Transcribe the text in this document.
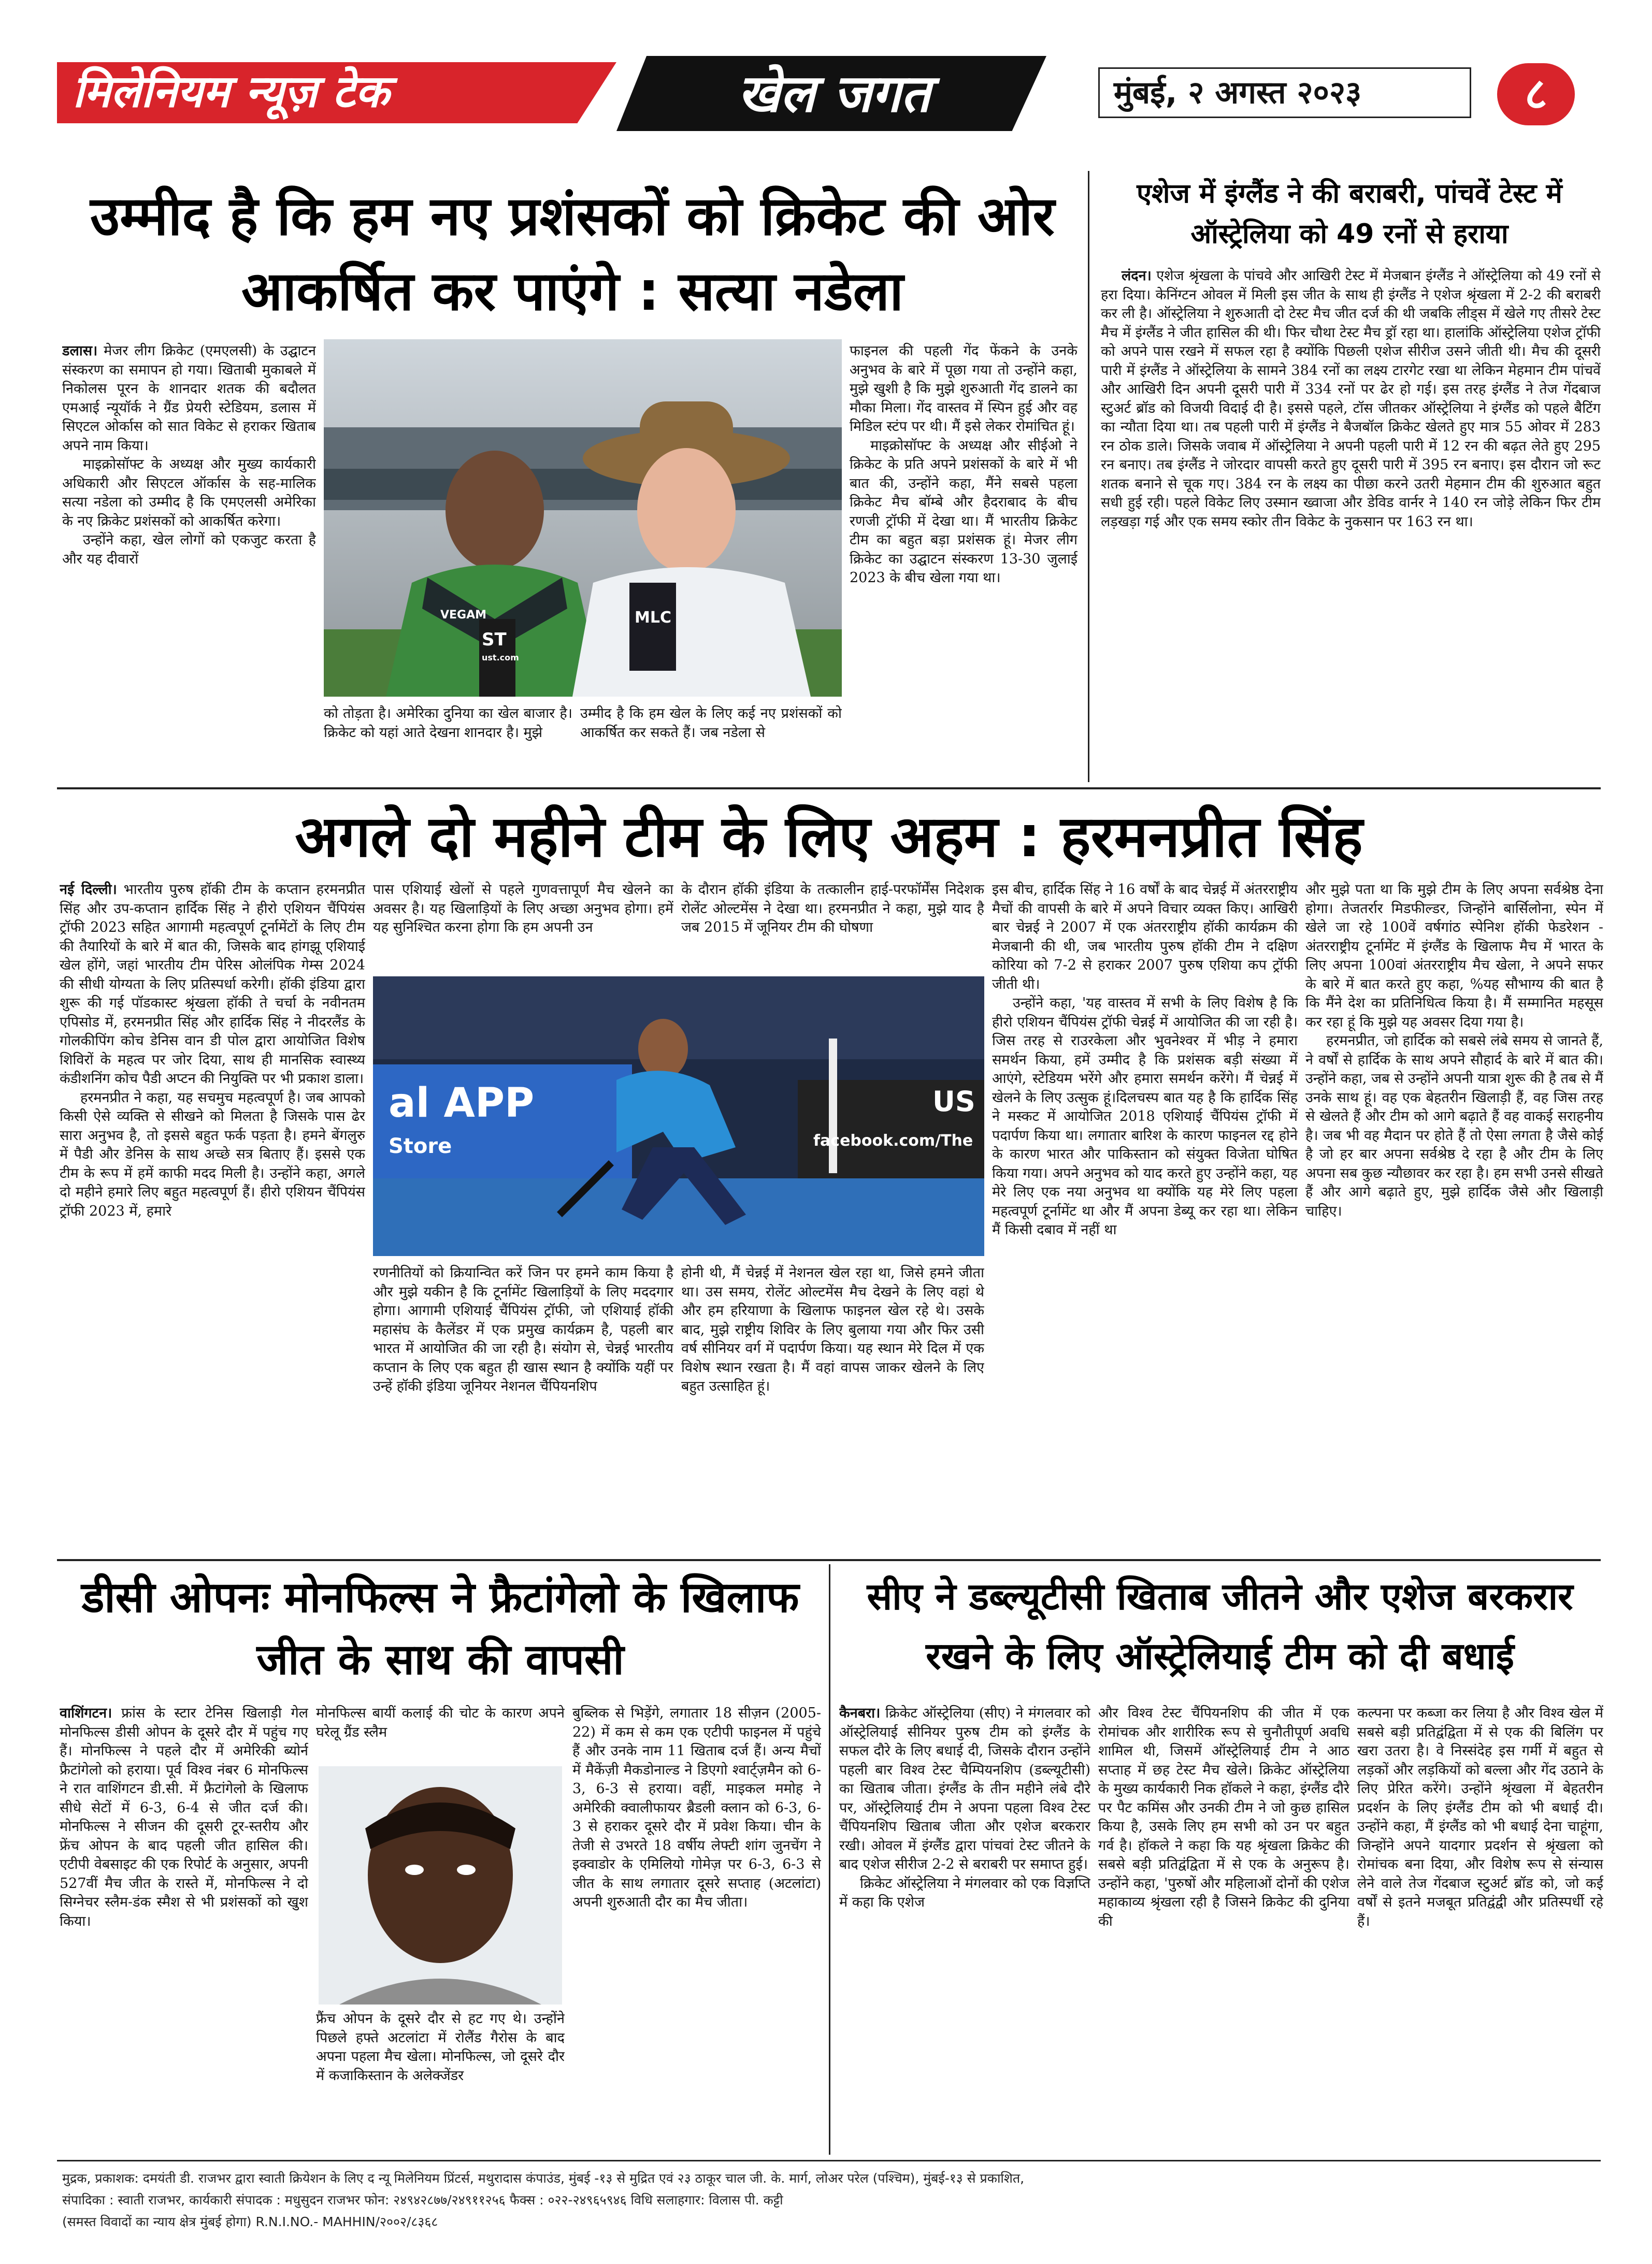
मिलेनियम न्यूज़ टेक	खेल जगत	मुंबई, २ अगस्त २०२३	८
उम्मीद है कि हम नए प्रशंसकों को क्रिकेट की ओर आकर्षित कर पाएंगे : सत्या नडेला

डलास। मेजर लीग क्रिकेट (एमएलसी) के उद्घाटन संस्करण का समापन हो गया। खिताबी मुकाबले में निकोलस पूरन के शानदार शतक की बदौलत एमआई न्यूयॉर्क ने ग्रैंड प्रेयरी स्टेडियम, डलास में सिएटल ओर्कास को सात विकेट से हराकर खिताब अपने नाम किया।

माइक्रोसॉफ्ट के अध्यक्ष और मुख्य कार्यकारी अधिकारी और सिएटल ऑर्कास के सह-मालिक सत्या नडेला को उम्मीद है कि एमएलसी अमेरिका के नए क्रिकेट प्रशंसकों को आकर्षित करेगा।

उन्होंने कहा, खेल लोगों को एकजुट करता है और यह दीवारों

VEGAM
ST
ust.com
MLC

को तोड़ता है। अमेरिका दुनिया का खेल बाजार है। क्रिकेट को यहां आते देखना शानदार है। मुझे

उम्मीद है कि हम खेल के लिए कई नए प्रशंसकों को आकर्षित कर सकते हैं। जब नडेला से

फाइनल की पहली गेंद फेंकने के उनके अनुभव के बारे में पूछा गया तो उन्होंने कहा, मुझे खुशी है कि मुझे शुरुआती गेंद डालने का मौका मिला। गेंद वास्तव में स्पिन हुई और वह मिडिल स्टंप पर थी। मैं इसे लेकर रोमांचित हूं।

माइक्रोसॉफ्ट के अध्यक्ष और सीईओ ने क्रिकेट के प्रति अपने प्रशंसकों के बारे में भी बात की, उन्होंने कहा, मैंने सबसे पहला क्रिकेट मैच बॉम्बे और हैदराबाद के बीच रणजी ट्रॉफी में देखा था। मैं भारतीय क्रिकेट टीम का बहुत बड़ा प्रशंसक हूं। मेजर लीग क्रिकेट का उद्घाटन संस्करण 13-30 जुलाई 2023 के बीच खेला गया था।

एशेज में इंग्लैंड ने की बराबरी, पांचवें टेस्ट में ऑस्ट्रेलिया को 49 रनों से हराया

लंदन। एशेज श्रृंखला के पांचवे और आखिरी टेस्ट में मेजबान इंग्लैंड ने ऑस्ट्रेलिया को 49 रनों से हरा दिया। केनिंग्टन ओवल में मिली इस जीत के साथ ही इंग्लैंड ने एशेज श्रृंखला में 2-2 की बराबरी कर ली है। ऑस्ट्रेलिया ने शुरुआती दो टेस्ट मैच जीत दर्ज की थी जबकि लीड्स में खेले गए तीसरे टेस्ट मैच में इंग्लैंड ने जीत हासिल की थी। फिर चौथा टेस्ट मैच ड्रॉ रहा था। हालांकि ऑस्ट्रेलिया एशेज ट्रॉफी को अपने पास रखने में सफल रहा है क्योंकि पिछली एशेज सीरीज उसने जीती थी। मैच की दूसरी पारी में इंग्लैंड ने ऑस्ट्रेलिया के सामने 384 रनों का लक्ष्य टारगेट रखा था लेकिन मेहमान टीम पांचवें और आखिरी दिन अपनी दूसरी पारी में 334 रनों पर ढेर हो गई। इस तरह इंग्लैंड ने तेज गेंदबाज स्टुअर्ट ब्रॉड को विजयी विदाई दी है। इससे पहले, टॉस जीतकर ऑस्ट्रेलिया ने इंग्लैंड को पहले बैटिंग का न्यौता दिया था। तब पहली पारी में इंग्लैंड ने बैजबॉल क्रिकेट खेलते हुए मात्र 55 ओवर में 283 रन ठोक डाले। जिसके जवाब में ऑस्ट्रेलिया ने अपनी पहली पारी में 12 रन की बढ़त लेते हुए 295 रन बनाए। तब इंग्लैंड ने जोरदार वापसी करते हुए दूसरी पारी में 395 रन बनाए। इस दौरान जो रूट शतक बनाने से चूक गए। 384 रन के लक्ष्य का पीछा करने उतरी मेहमान टीम की शुरुआत बहुत सधी हुई रही। पहले विकेट लिए उस्मान ख्वाजा और डेविड वार्नर ने 140 रन जोड़े लेकिन फिर टीम लड़खड़ा गई और एक समय स्कोर तीन विकेट के नुकसान पर 163 रन था।

अगले दो महीने टीम के लिए अहम : हरमनप्रीत सिंह

नई दिल्ली। भारतीय पुरुष हॉकी टीम के कप्तान हरमनप्रीत सिंह और उप-कप्तान हार्दिक सिंह ने हीरो एशियन चैंपियंस ट्रॉफी 2023 सहित आगामी महत्वपूर्ण टूर्नामेंटों के लिए टीम की तैयारियों के बारे में बात की, जिसके बाद हांगझू एशियाई खेल होंगे, जहां भारतीय टीम पेरिस ओलंपिक गेम्स 2024 की सीधी योग्यता के लिए प्रतिस्पर्धा करेगी। हॉकी इंडिया द्वारा शुरू की गई पॉडकास्ट श्रृंखला हॉकी ते चर्चा के नवीनतम एपिसोड में, हरमनप्रीत सिंह और हार्दिक सिंह ने नीदरलैंड के गोलकीपिंग कोच डेनिस वान डी पोल द्वारा आयोजित विशेष शिविरों के महत्व पर जोर दिया, साथ ही मानसिक स्वास्थ्य कंडीशनिंग कोच पैडी अप्टन की नियुक्ति पर भी प्रकाश डाला।

हरमनप्रीत ने कहा, यह सचमुच महत्वपूर्ण है। जब आपको किसी ऐसे व्यक्ति से सीखने को मिलता है जिसके पास ढेर सारा अनुभव है, तो इससे बहुत फर्क पड़ता है। हमने बेंगलुरु में पैडी और डेनिस के साथ अच्छे सत्र बिताए हैं। इससे एक टीम के रूप में हमें काफी मदद मिली है। उन्होंने कहा, अगले दो महीने हमारे लिए बहुत महत्वपूर्ण हैं। हीरो एशियन चैंपियंस ट्रॉफी 2023 में, हमारे

पास एशियाई खेलों से पहले गुणवत्तापूर्ण मैच खेलने का अवसर है। यह खिलाड़ियों के लिए अच्छा अनुभव होगा। हमें यह सुनिश्चित करना होगा कि हम अपनी उन

के दौरान हॉकी इंडिया के तत्कालीन हाई-परफॉर्मेंस निदेशक रोलेंट ओल्टमेंस ने देखा था। हरमनप्रीत ने कहा, मुझे याद है जब 2015 में जूनियर टीम की घोषणा

al APP
Store
US
facebook.com/The

रणनीतियों को क्रियान्वित करें जिन पर हमने काम किया है और मुझे यकीन है कि टूर्नामेंट खिलाड़ियों के लिए मददगार होगा। आगामी एशियाई चैंपियंस ट्रॉफी, जो एशियाई हॉकी महासंघ के कैलेंडर में एक प्रमुख कार्यक्रम है, पहली बार भारत में आयोजित की जा रही है। संयोग से, चेन्नई भारतीय कप्तान के लिए एक बहुत ही खास स्थान है क्योंकि यहीं पर उन्हें हॉकी इंडिया जूनियर नेशनल चैंपियनशिप

होनी थी, मैं चेन्नई में नेशनल खेल रहा था, जिसे हमने जीता था। उस समय, रोलेंट ओल्टमेंस मैच देखने के लिए वहां थे और हम हरियाणा के खिलाफ फाइनल खेल रहे थे। उसके बाद, मुझे राष्ट्रीय शिविर के लिए बुलाया गया और फिर उसी वर्ष सीनियर वर्ग में पदार्पण किया। यह स्थान मेरे दिल में एक विशेष स्थान रखता है। मैं वहां वापस जाकर खेलने के लिए बहुत उत्साहित हूं।

इस बीच, हार्दिक सिंह ने 16 वर्षों के बाद चेन्नई में अंतरराष्ट्रीय मैचों की वापसी के बारे में अपने विचार व्यक्त किए। आखिरी बार चेन्नई ने 2007 में एक अंतरराष्ट्रीय हॉकी कार्यक्रम की मेजबानी की थी, जब भारतीय पुरुष हॉकी टीम ने दक्षिण कोरिया को 7-2 से हराकर 2007 पुरुष एशिया कप ट्रॉफी जीती थी।

उन्होंने कहा, 'यह वास्तव में सभी के लिए विशेष है कि हीरो एशियन चैंपियंस ट्रॉफी चेन्नई में आयोजित की जा रही है। जिस तरह से राउरकेला और भुवनेश्वर में भीड़ ने हमारा समर्थन किया, हमें उम्मीद है कि प्रशंसक बड़ी संख्या में आएंगे, स्टेडियम भरेंगे और हमारा समर्थन करेंगे। मैं चेन्नई में खेलने के लिए उत्सुक हूं।दिलचस्प बात यह है कि हार्दिक सिंह ने मस्कट में आयोजित 2018 एशियाई चैंपियंस ट्रॉफी में पदार्पण किया था। लगातार बारिश के कारण फाइनल रद्द होने के कारण भारत और पाकिस्तान को संयुक्त विजेता घोषित किया गया। अपने अनुभव को याद करते हुए उन्होंने कहा, यह मेरे लिए एक नया अनुभव था क्योंकि यह मेरे लिए पहला महत्वपूर्ण टूर्नामेंट था और मैं अपना डेब्यू कर रहा था। लेकिन मैं किसी दबाव में नहीं था

और मुझे पता था कि मुझे टीम के लिए अपना सर्वश्रेष्ठ देना होगा। तेजतर्रार मिडफील्डर, जिन्होंने बार्सिलोना, स्पेन में खेले जा रहे 100वें वर्षगांठ स्पेनिश हॉकी फेडरेशन - अंतरराष्ट्रीय टूर्नामेंट में इंग्लैंड के खिलाफ मैच में भारत के लिए अपना 100वां अंतरराष्ट्रीय मैच खेला, ने अपने सफर के बारे में बात करते हुए कहा, %यह सौभाग्य की बात है कि मैंने देश का प्रतिनिधित्व किया है। मैं सम्मानित महसूस कर रहा हूं कि मुझे यह अवसर दिया गया है।

हरमनप्रीत, जो हार्दिक को सबसे लंबे समय से जानते हैं, ने वर्षों से हार्दिक के साथ अपने सौहार्द के बारे में बात की। उन्होंने कहा, जब से उन्होंने अपनी यात्रा शुरू की है तब से मैं उनके साथ हूं। वह एक बेहतरीन खिलाड़ी हैं, वह जिस तरह से खेलते हैं और टीम को आगे बढ़ाते हैं वह वाकई सराहनीय है। जब भी वह मैदान पर होते हैं तो ऐसा लगता है जैसे कोई है जो हर बार अपना सर्वश्रेष्ठ दे रहा है और टीम के लिए अपना सब कुछ न्यौछावर कर रहा है। हम सभी उनसे सीखते हैं और आगे बढ़ाते हुए, मुझे हार्दिक जैसे और खिलाड़ी चाहिए।

डीसी ओपनः मोनफिल्स ने फ्रैटांगेलो के खिलाफ जीत के साथ की वापसी

वाशिंगटन। फ्रांस के स्टार टेनिस खिलाड़ी गेल मोनफिल्स डीसी ओपन के दूसरे दौर में पहुंच गए हैं। मोनफिल्स ने पहले दौर में अमेरिकी ब्योर्न फ्रैटांगेलो को हराया। पूर्व विश्व नंबर 6 मोनफिल्स ने रात वाशिंगटन डी.सी. में फ्रैटांगेलो के खिलाफ सीधे सेटों में 6-3, 6-4 से जीत दर्ज की। मोनफिल्स ने सीजन की दूसरी टूर-स्तरीय और फ्रेंच ओपन के बाद पहली जीत हासिल की। एटीपी वेबसाइट की एक रिपोर्ट के अनुसार, अपनी 527वीं मैच जीत के रास्ते में, मोनफिल्स ने दो सिग्नेचर स्लैम-डंक स्मैश से भी प्रशंसकों को खुश किया।

मोनफिल्स बायीं कलाई की चोट के कारण अपने घरेलू ग्रैंड स्लैम

फ्रैंच ओपन के दूसरे दौर से हट गए थे। उन्होंने पिछले हफ्ते अटलांटा में रोलैंड गैरोस के बाद अपना पहला मैच खेला। मोनफिल्स, जो दूसरे दौर में कजाकिस्तान के अलेक्जेंडर

बुब्लिक से भिड़ेंगे, लगातार 18 सीज़न (2005-22) में कम से कम एक एटीपी फाइनल में पहुंचे हैं और उनके नाम 11 खिताब दर्ज हैं। अन्य मैचों में मैकेंज़ी मैकडोनाल्ड ने डिएगो श्वार्ट्ज़मैन को 6-3, 6-3 से हराया। वहीं, माइकल ममोह ने अमेरिकी क्वालीफायर ब्रैडली क्लान को 6-3, 6-3 से हराकर दूसरे दौर में प्रवेश किया। चीन के तेजी से उभरते 18 वर्षीय लेफ्टी शांग जुनचेंग ने इक्वाडोर के एमिलियो गोमेज़ पर 6-3, 6-3 से जीत के साथ लगातार दूसरे सप्ताह (अटलांटा) अपनी शुरुआती दौर का मैच जीता।

सीए ने डब्ल्यूटीसी खिताब जीतने और एशेज बरकरार रखने के लिए ऑस्ट्रेलियाई टीम को दी बधाई

कैनबरा। क्रिकेट ऑस्ट्रेलिया (सीए) ने मंगलवार को ऑस्ट्रेलियाई सीनियर पुरुष टीम को इंग्लैंड के सफल दौरे के लिए बधाई दी, जिसके दौरान उन्होंने पहली बार विश्व टेस्ट चैम्पियनशिप (डब्ल्यूटीसी) का खिताब जीता। इंग्लैंड के तीन महीने लंबे दौरे पर, ऑस्ट्रेलियाई टीम ने अपना पहला विश्व टेस्ट चैंपियनशिप खिताब जीता और एशेज बरकरार रखी। ओवल में इंग्लैंड द्वारा पांचवां टेस्ट जीतने के बाद एशेज सीरीज 2-2 से बराबरी पर समाप्त हुई।

क्रिकेट ऑस्ट्रेलिया ने मंगलवार को एक विज्ञप्ति में कहा कि एशेज

और विश्व टेस्ट चैंपियनशिप की जीत में एक रोमांचक और शारीरिक रूप से चुनौतीपूर्ण अवधि शामिल थी, जिसमें ऑस्ट्रेलियाई टीम ने आठ सप्ताह में छह टेस्ट मैच खेले। क्रिकेट ऑस्ट्रेलिया के मुख्य कार्यकारी निक हॉकले ने कहा, इंग्लैंड दौरे पर पैट कमिंस और उनकी टीम ने जो कुछ हासिल किया है, उसके लिए हम सभी को उन पर बहुत गर्व है। हॉकले ने कहा कि यह श्रृंखला क्रिकेट की सबसे बड़ी प्रतिद्वंद्विता में से एक के अनुरूप है। उन्होंने कहा, 'पुरुषों और महिलाओं दोनों की एशेज महाकाव्य श्रृंखला रही है जिसने क्रिकेट की दुनिया की

कल्पना पर कब्जा कर लिया है और विश्व खेल में सबसे बड़ी प्रतिद्वंद्विता में से एक की बिलिंग पर खरा उतरा है। वे निस्संदेह इस गर्मी में बहुत से लड़कों और लड़कियों को बल्ला और गेंद उठाने के लिए प्रेरित करेंगे। उन्होंने श्रृंखला में बेहतरीन प्रदर्शन के लिए इंग्लैंड टीम को भी बधाई दी। उन्होंने कहा, मैं इंग्लैंड को भी बधाई देना चाहूंगा, जिन्होंने अपने यादगार प्रदर्शन से श्रृंखला को रोमांचक बना दिया, और विशेष रूप से संन्यास लेने वाले तेज गेंदबाज स्टुअर्ट ब्रॉड को, जो कई वर्षों से इतने मजबूत प्रतिद्वंद्वी और प्रतिस्पर्धी रहे हैं।

मुद्रक, प्रकाशक: दमयंती डी. राजभर द्वारा स्वाती क्रियेशन के लिए द न्यू मिलेनियम प्रिंटर्स, मथुरादास कंपाउंड, मुंबई -१३ से मुद्रित एवं २३ ठाकूर चाल जी. के. मार्ग, लोअर परेल (पश्चिम), मुंबई-१३ से प्रकाशित,
संपादिका : स्वाती राजभर, कार्यकारी संपादक : मधुसुदन राजभर फोन: २४९४२८७७/२४९११२५६ फैक्स : ०२२-२४९६५९४६ विधि सलाहगार: विलास पी. कट्टी
(समस्त विवादों का न्याय क्षेत्र मुंबई होगा) R.N.I.NO.- MAHHIN/२००२/८३६८
